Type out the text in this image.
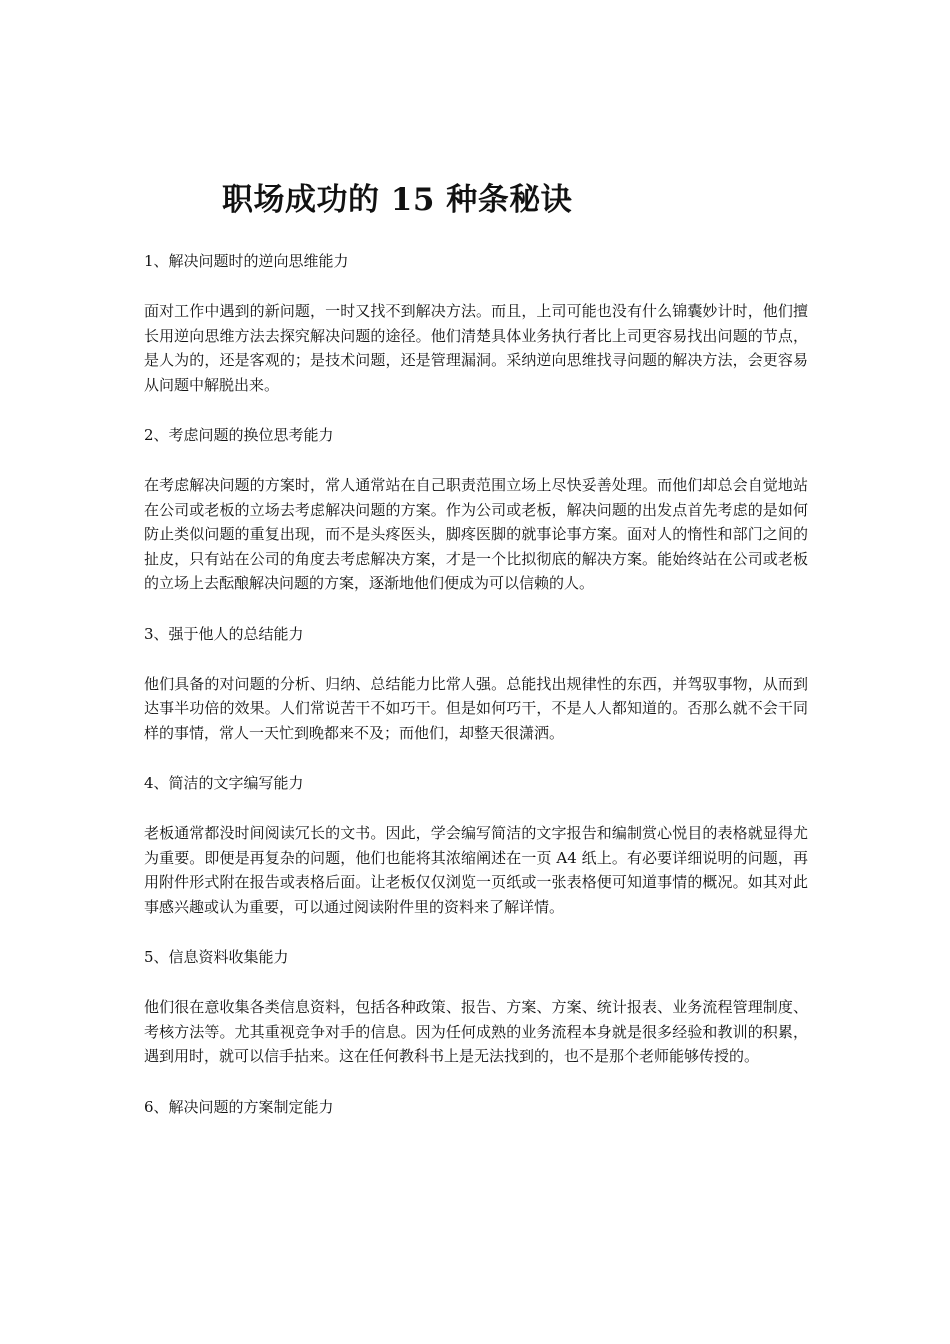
职场成功的 15 种条秘诀

1、解决问题时的逆向思维能力

面对工作中遇到的新问题，一时又找不到解决方法。而且，上司可能也没有什么锦囊妙计时，他们擅长用逆向思维方法去探究解决问题的途径。他们清楚具体业务执行者比上司更容易找出问题的节点，是人为的，还是客观的；是技术问题，还是管理漏洞。采纳逆向思维找寻问题的解决方法，会更容易从问题中解脱出来。

2、考虑问题的换位思考能力

在考虑解决问题的方案时，常人通常站在自己职责范围立场上尽快妥善处理。而他们却总会自觉地站在公司或老板的立场去考虑解决问题的方案。作为公司或老板，解决问题的出发点首先考虑的是如何防止类似问题的重复出现，而不是头疼医头，脚疼医脚的就事论事方案。面对人的惰性和部门之间的扯皮，只有站在公司的角度去考虑解决方案，才是一个比拟彻底的解决方案。能始终站在公司或老板的立场上去酝酿解决问题的方案，逐渐地他们便成为可以信赖的人。

3、强于他人的总结能力

他们具备的对问题的分析、归纳、总结能力比常人强。总能找出规律性的东西，并驾驭事物，从而到达事半功倍的效果。人们常说苦干不如巧干。但是如何巧干，不是人人都知道的。否那么就不会干同样的事情，常人一天忙到晚都来不及；而他们，却整天很潇洒。

4、简洁的文字编写能力

老板通常都没时间阅读冗长的文书。因此，学会编写简洁的文字报告和编制赏心悦目的表格就显得尤为重要。即便是再复杂的问题，他们也能将其浓缩阐述在一页 A4 纸上。有必要详细说明的问题，再用附件形式附在报告或表格后面。让老板仅仅浏览一页纸或一张表格便可知道事情的概况。如其对此事感兴趣或认为重要，可以通过阅读附件里的资料来了解详情。

5、信息资料收集能力

他们很在意收集各类信息资料，包括各种政策、报告、方案、方案、统计报表、业务流程管理制度、考核方法等。尤其重视竞争对手的信息。因为任何成熟的业务流程本身就是很多经验和教训的积累，遇到用时，就可以信手拈来。这在任何教科书上是无法找到的，也不是那个老师能够传授的。

6、解决问题的方案制定能力
